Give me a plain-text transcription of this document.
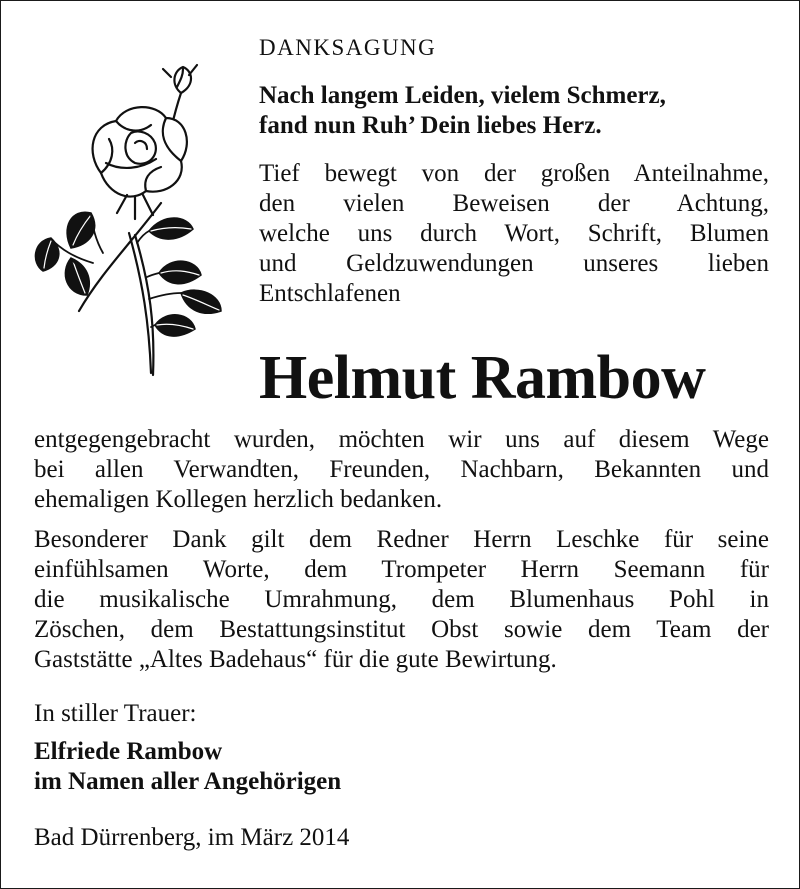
DANKSAGUNG
Nach langem Leiden, vielem Schmerz,
fand nun Ruh’ Dein liebes Herz.
Tief bewegt von der großen Anteilnahme,
den vielen Beweisen der Achtung,
welche uns durch Wort, Schrift, Blumen
und Geldzuwendungen unseres lieben
Entschlafenen
Helmut Rambow
entgegengebracht wurden, möchten wir uns auf diesem Wege
bei allen Verwandten, Freunden, Nachbarn, Bekannten und
ehemaligen Kollegen herzlich bedanken.
Besonderer Dank gilt dem Redner Herrn Leschke für seine
einfühlsamen Worte, dem Trompeter Herrn Seemann für
die musikalische Umrahmung, dem Blumenhaus Pohl in
Zöschen, dem Bestattungsinstitut Obst sowie dem Team der
Gaststätte „Altes Badehaus“ für die gute Bewirtung.
In stiller Trauer:
Elfriede Rambow
im Namen aller Angehörigen
Bad Dürrenberg, im März 2014
